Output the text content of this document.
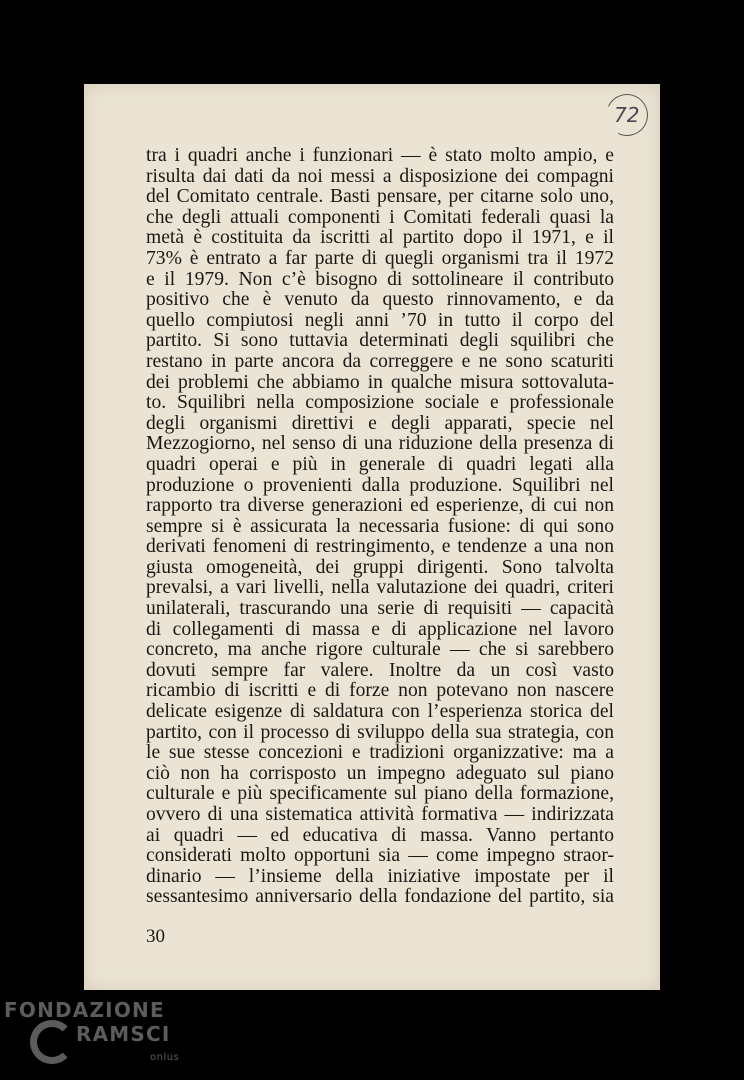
72
tra i quadri anche i funzionari — è stato molto ampio, e
risulta dai dati da noi messi a disposizione dei compagni
del Comitato centrale. Basti pensare, per citarne solo uno,
che degli attuali componenti i Comitati federali quasi la
metà è costituita da iscritti al partito dopo il 1971, e il
73% è entrato a far parte di quegli organismi tra il 1972
e il 1979. Non c’è bisogno di sottolineare il contributo
positivo che è venuto da questo rinnovamento, e da
quello compiutosi negli anni ’70 in tutto il corpo del
partito. Si sono tuttavia determinati degli squilibri che
restano in parte ancora da correggere e ne sono scaturiti
dei problemi che abbiamo in qualche misura sottovaluta-
to. Squilibri nella composizione sociale e professionale
degli organismi direttivi e degli apparati, specie nel
Mezzogiorno, nel senso di una riduzione della presenza di
quadri operai e più in generale di quadri legati alla
produzione o provenienti dalla produzione. Squilibri nel
rapporto tra diverse generazioni ed esperienze, di cui non
sempre si è assicurata la necessaria fusione: di qui sono
derivati fenomeni di restringimento, e tendenze a una non
giusta omogeneità, dei gruppi dirigenti. Sono talvolta
prevalsi, a vari livelli, nella valutazione dei quadri, criteri
unilaterali, trascurando una serie di requisiti — capacità
di collegamenti di massa e di applicazione nel lavoro
concreto, ma anche rigore culturale — che si sarebbero
dovuti sempre far valere. Inoltre da un così vasto
ricambio di iscritti e di forze non potevano non nascere
delicate esigenze di saldatura con l’esperienza storica del
partito, con il processo di sviluppo della sua strategia, con
le sue stesse concezioni e tradizioni organizzative: ma a
ciò non ha corrisposto un impegno adeguato sul piano
culturale e più specificamente sul piano della formazione,
ovvero di una sistematica attività formativa — indirizzata
ai quadri — ed educativa di massa. Vanno pertanto
considerati molto opportuni sia — come impegno straor-
dinario — l’insieme della iniziative impostate per il
sessantesimo anniversario della fondazione del partito, sia
30
FONDAZIONE
RAMSCI
onlus
